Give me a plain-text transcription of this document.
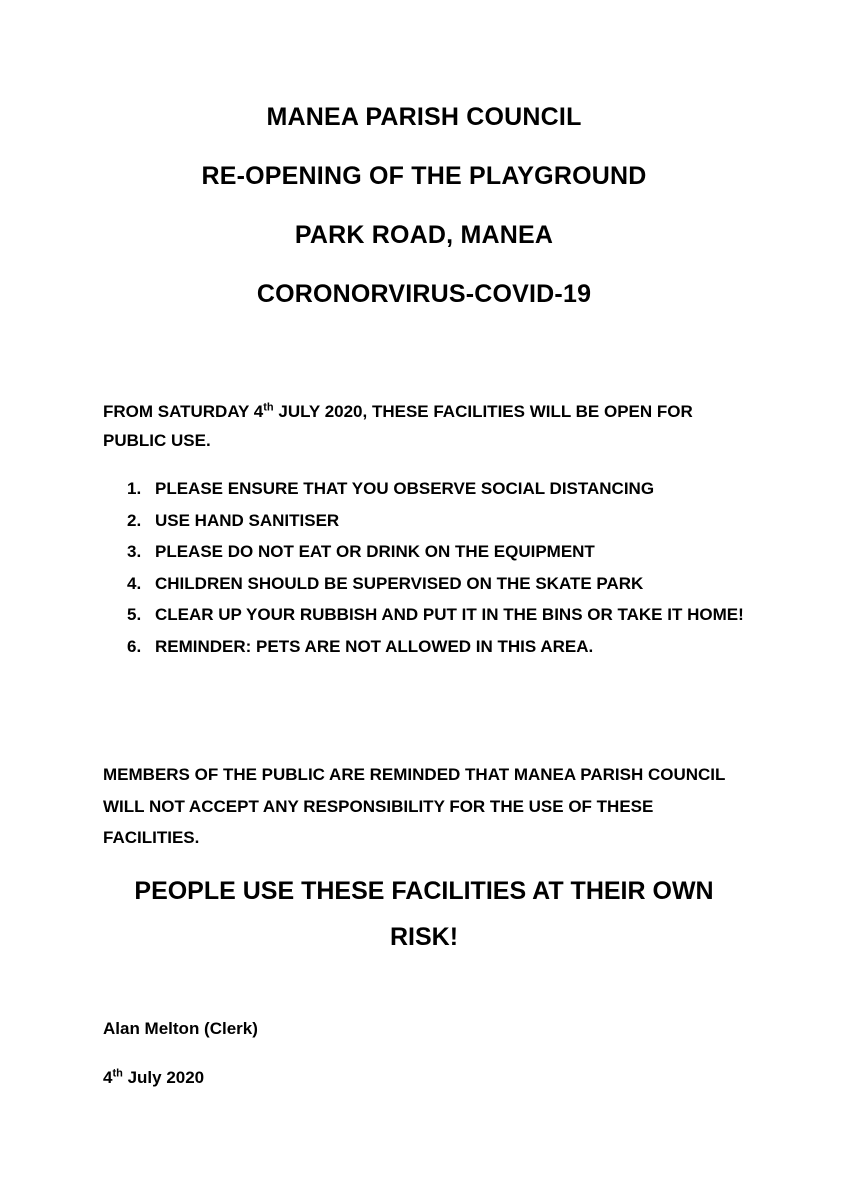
MANEA PARISH COUNCIL
RE-OPENING OF THE PLAYGROUND
PARK ROAD, MANEA
CORONORVIRUS-COVID-19
FROM SATURDAY 4th JULY 2020, THESE FACILITIES WILL BE OPEN FOR PUBLIC USE.
1. PLEASE ENSURE THAT YOU OBSERVE SOCIAL DISTANCING
2. USE HAND SANITISER
3. PLEASE DO NOT EAT OR DRINK ON THE EQUIPMENT
4. CHILDREN SHOULD BE SUPERVISED ON THE SKATE PARK
5. CLEAR UP YOUR RUBBISH AND PUT IT IN THE BINS OR TAKE IT HOME!
6. REMINDER: PETS ARE NOT ALLOWED IN THIS AREA.
MEMBERS OF THE PUBLIC ARE REMINDED THAT MANEA PARISH COUNCIL WILL NOT ACCEPT ANY RESPONSIBILITY FOR THE USE OF THESE FACILITIES.
PEOPLE USE THESE FACILITIES AT THEIR OWN
RISK!
Alan Melton (Clerk)
4th July 2020
